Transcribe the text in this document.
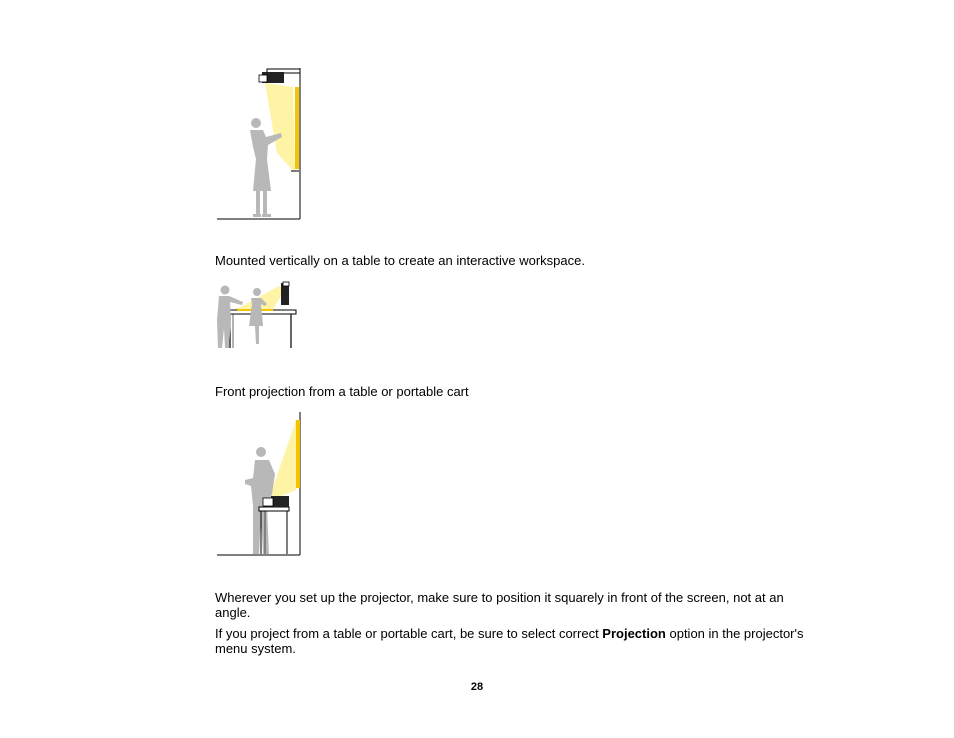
Mounted vertically on a table to create an interactive workspace.
Front projection from a table or portable cart
Wherever you set up the projector, make sure to position it squarely in front of the screen, not at an angle.
If you project from a table or portable cart, be sure to select correct Projection option in the projector's menu system.
28
